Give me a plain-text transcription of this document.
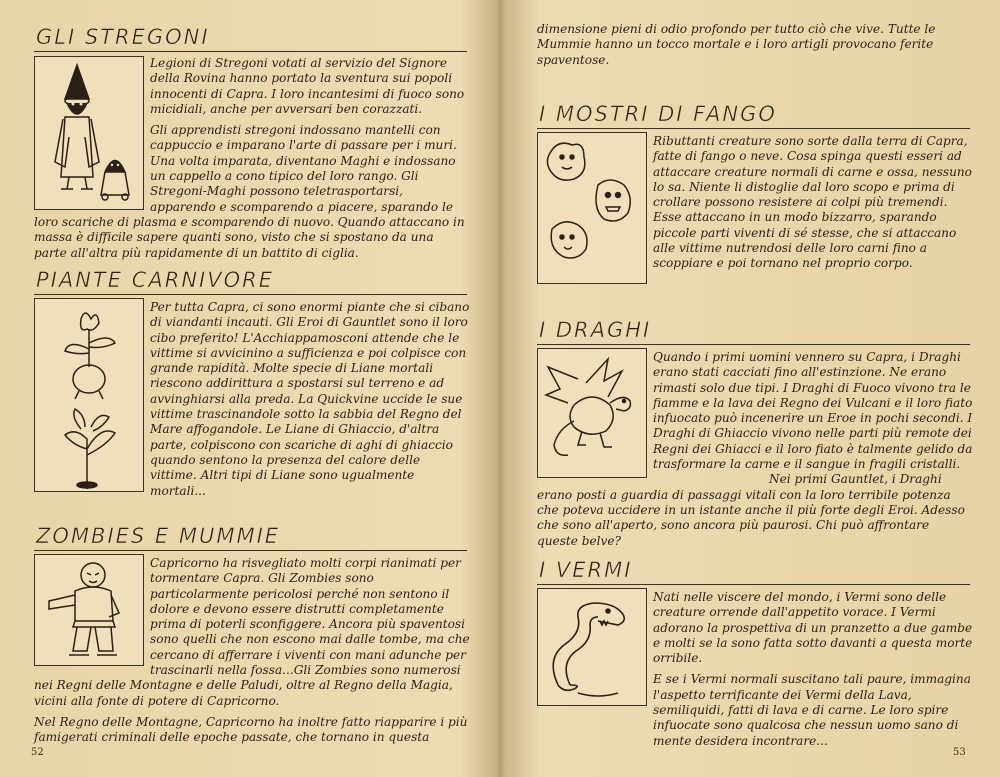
GLI STREGONI

Legioni di Stregoni votati al servizio del Signore della Rovina hanno portato la sventura sui popoli innocenti di Capra. I loro incantesimi di fuoco sono micidiali, anche per avversari ben corazzati.

Gli apprendisti stregoni indossano mantelli con cappuccio e imparano l'arte di passare per i muri. Una volta imparata, diventano Maghi e indossano un cappello a cono tipico del loro rango. Gli Stregoni-Maghi possono teletrasportarsi, apparendo e scomparendo a piacere, sparando le loro scariche di plasma e scomparendo di nuovo. Quando attaccano in massa è difficile sapere quanti sono, visto che si spostano da una parte all'altra più rapidamente di un battito di ciglia.

PIANTE CARNIVORE

Per tutta Capra, ci sono enormi piante che si cibano di viandanti incauti. Gli Eroi di Gauntlet sono il loro cibo preferito! L'Acchiappamosconi attende che le vittime si avvicinino a sufficienza e poi colpisce con grande rapidità. Molte specie di Liane mortali riescono addirittura a spostarsi sul terreno e ad avvinghiarsi alla preda. La Quickvine uccide le sue vittime trascinandole sotto la sabbia del Regno del Mare affogandole. Le Liane di Ghiaccio, d'altra parte, colpiscono con scariche di aghi di ghiaccio quando sentono la presenza del calore delle vittime. Altri tipi di Liane sono ugualmente mortali...

ZOMBIES E MUMMIE

Capricorno ha risvegliato molti corpi rianimati per tormentare Capra. Gli Zombies sono particolarmente pericolosi perché non sentono il dolore e devono essere distrutti completamente prima di poterli sconfiggere. Ancora più spaventosi sono quelli che non escono mai dalle tombe, ma che cercano di afferrare i viventi con mani adunche per trascinarli nella fossa...Gli Zombies sono numerosi nei Regni delle Montagne e delle Paludi, oltre al Regno della Magia, vicini alla fonte di potere di Capricorno.

Nel Regno delle Montagne, Capricorno ha inoltre fatto riapparire i più famigerati criminali delle epoche passate, che tornano in questa

52

dimensione pieni di odio profondo per tutto ciò che vive. Tutte le Mummie hanno un tocco mortale e i loro artigli provocano ferite spaventose.

I MOSTRI DI FANGO

Ributtanti creature sono sorte dalla terra di Capra, fatte di fango o neve. Cosa spinga questi esseri ad attaccare creature normali di carne e ossa, nessuno lo sa. Niente li distoglie dal loro scopo e prima di crollare possono resistere ai colpi più tremendi. Esse attaccano in un modo bizzarro, sparando piccole parti viventi di sé stesse, che si attaccano alle vittime nutrendosi delle loro carni fino a scoppiare e poi tornano nel proprio corpo.

I DRAGHI

Quando i primi uomini vennero su Capra, i Draghi erano stati cacciati fino all'estinzione. Ne erano rimasti solo due tipi. I Draghi di Fuoco vivono tra le fiamme e la lava dei Regno dei Vulcani e il loro fiato infuocato può incenerire un Eroe in pochi secondi. I Draghi di Ghiaccio vivono nelle parti più remote dei Regni dei Ghiacci e il loro fiato è talmente gelido da trasformare la carne e il sangue in fragili cristalli.

Nei primi Gauntlet, i Draghi erano posti a guardia di passaggi vitali con la loro terribile potenza che poteva uccidere in un istante anche il più forte degli Eroi. Adesso che sono all'aperto, sono ancora più paurosi. Chi può affrontare queste belve?

I VERMI

Nati nelle viscere del mondo, i Vermi sono delle creature orrende dall'appetito vorace. I Vermi adorano la prospettiva di un pranzetto a due gambe e molti se la sono fatta sotto davanti a questa morte orribile.

E se i Vermi normali suscitano tali paure, immagina l'aspetto terrificante dei Vermi della Lava, semiliquidi, fatti di lava e di carne. Le loro spire infuocate sono qualcosa che nessun uomo sano di mente desidera incontrare...

53
